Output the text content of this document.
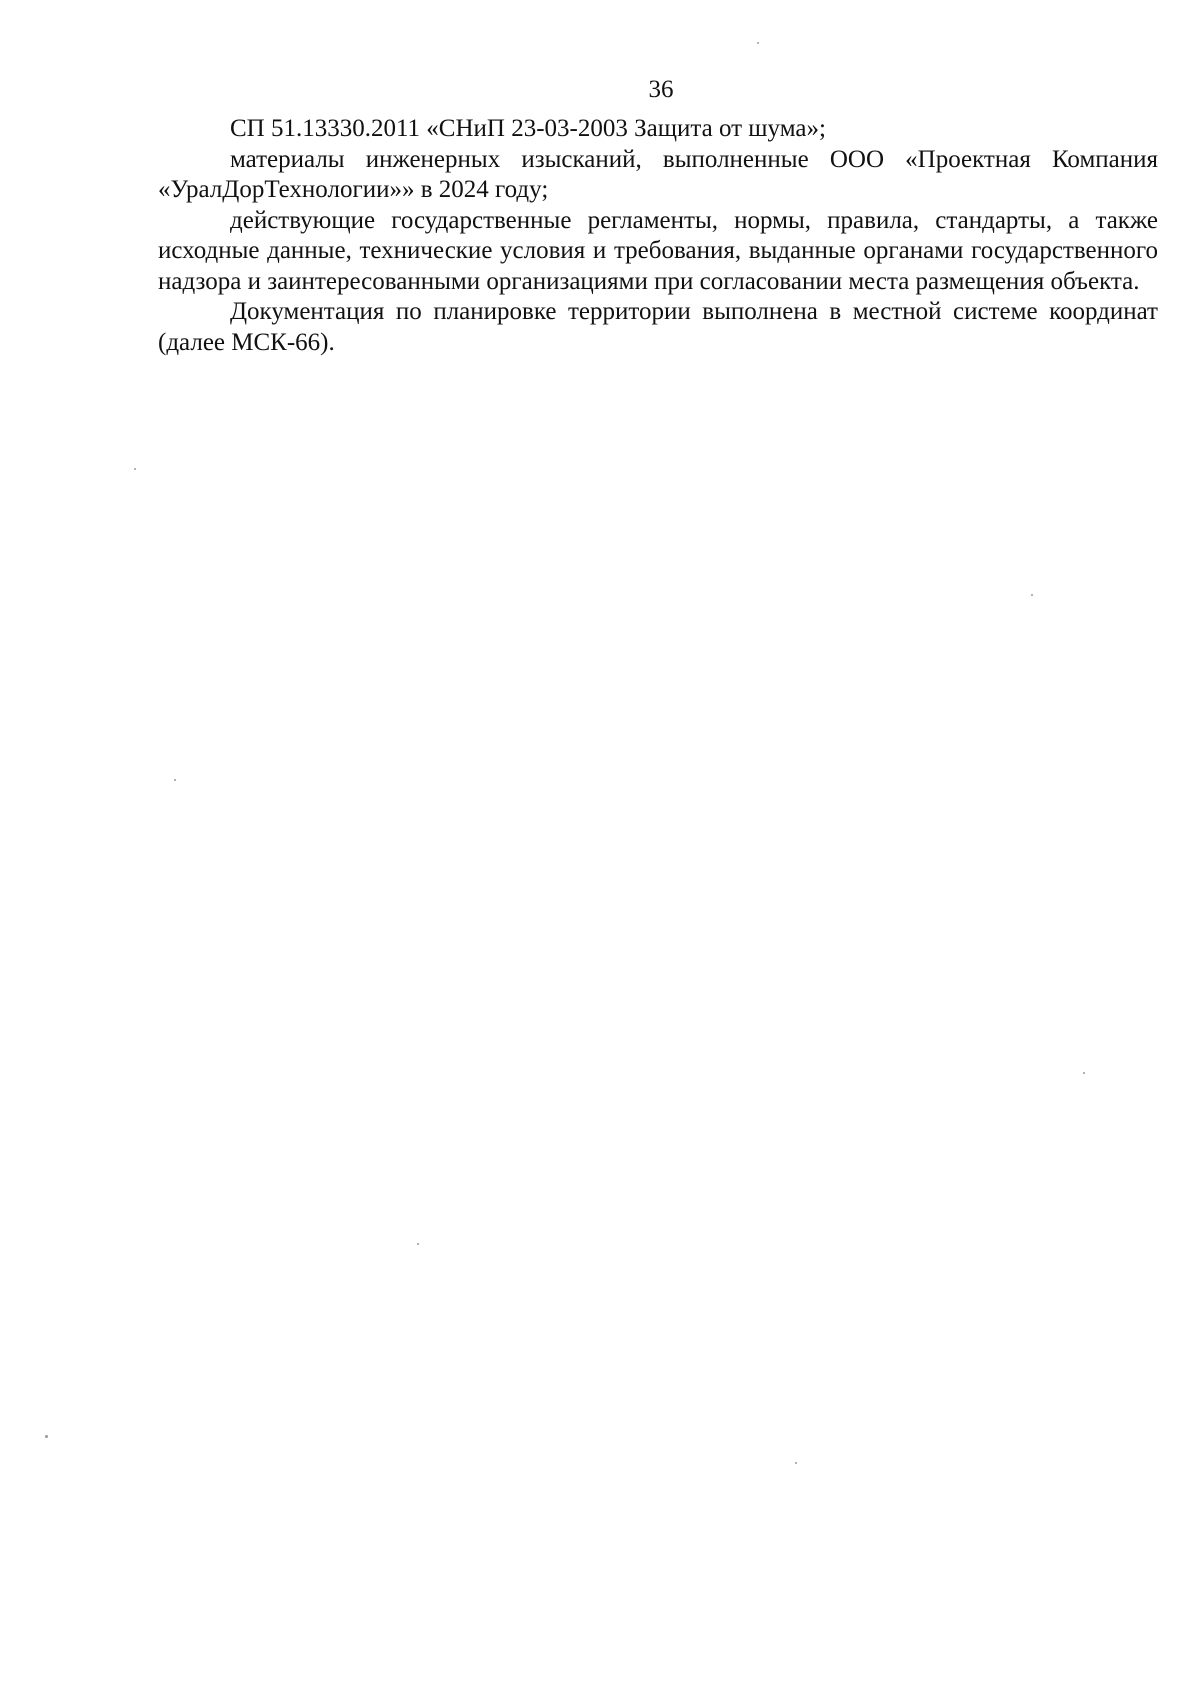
36

СП 51.13330.2011 «СНиП 23-03-2003 Защита от шума»;

материалы инженерных изысканий, выполненные ООО «Проектная Компания «УралДорТехнологии»» в 2024 году;

действующие государственные регламенты, нормы, правила, стандарты, а также исходные данные, технические условия и требования, выданные органами государственного надзора и заинтересованными организациями при согласовании места размещения объекта.

Документация по планировке территории выполнена в местной системе координат (далее МСК-66).
